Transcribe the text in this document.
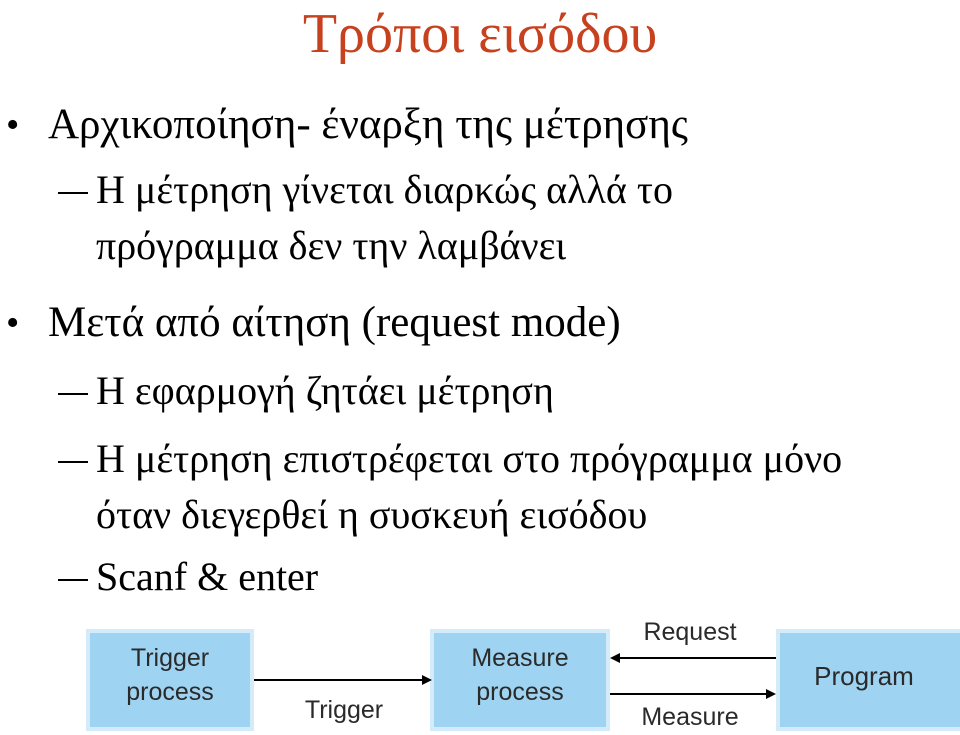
Τρόποι εισόδου
• Αρχικοποίηση- έναρξη της μέτρησης
Η μέτρηση γίνεται διαρκώς αλλά το
πρόγραμμα δεν την λαμβάνει
• Μετά από αίτηση (request mode)
Η εφαρμογή ζητάει μέτρηση
Η μέτρηση επιστρέφεται στο πρόγραμμα μόνο
όταν διεγερθεί η συσκευή εισόδου
Scanf & enter
Trigger
process
Measure
process
Program
Trigger
Request
Measure
